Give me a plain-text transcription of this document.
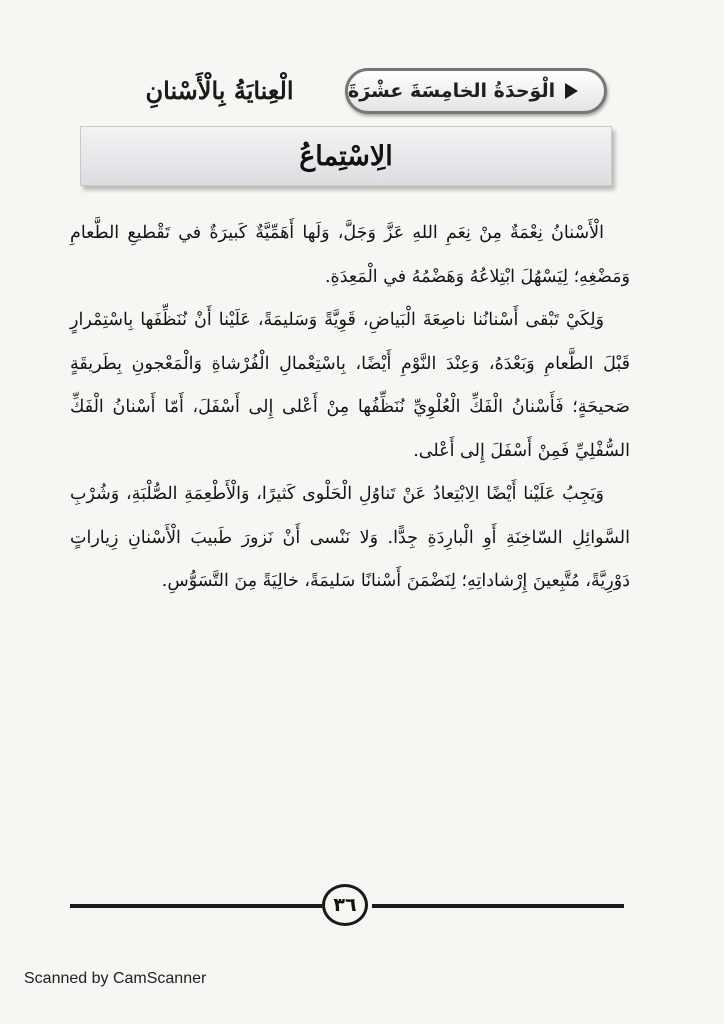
الْوَحدَةُ الخامِسَةَ عشْرَةَ
الْعِنايَةُ بِالْأَسْنانِ
الِاسْتِماعُ

الْأَسْنانُ نِعْمَةٌ مِنْ نِعَمِ اللهِ عَزَّ وَجَلَّ، وَلَها أَهَمِّيَّةٌ كَبيرَةٌ في تَقْطيعِ الطَّعامِ وَمَضْغِهِ؛ لِيَسْهُلَ ابْتِلاعُهُ وَهَضْمُهُ في الْمَعِدَةِ.

وَلِكَيْ تَبْقى أَسْنانُنا ناصِعَةَ الْبَياضِ، قَوِيَّةً وَسَليمَةً، عَلَيْنا أَنْ نُنَظِّفَها بِاسْتِمْرارٍ قَبْلَ الطَّعامِ وَبَعْدَهُ، وَعِنْدَ النَّوْمِ أَيْضًا، بِاسْتِعْمالِ الْفُرْشاةِ وَالْمَعْجونِ بِطَريقَةٍ صَحيحَةٍ؛ فَأَسْنانُ الْفَكِّ الْعُلْوِيِّ نُنَظِّفُها مِنْ أَعْلى إِلى أَسْفَلَ، أَمّا أَسْنانُ الْفَكِّ السُّفْلِيِّ فَمِنْ أَسْفَلَ إِلى أَعْلى.

وَيَجِبُ عَلَيْنا أَيْضًا الِابْتِعادُ عَنْ تَناوُلِ الْحَلْوى كَثيرًا، وَالْأَطْعِمَةِ الصُّلْبَةِ، وَشُرْبِ السَّوائِلِ السّاخِنَةِ أَوِ الْبارِدَةِ جِدًّا. وَلا نَنْسى أَنْ نَزورَ طَبيبَ الْأَسْنانِ زِياراتٍ دَوْرِيَّةً، مُتَّبِعينَ إِرْشاداتِهِ؛ لِنَضْمَنَ أَسْنانًا سَليمَةً، خالِيَةً مِنَ التَّسَوُّسِ.

٣٦
Scanned by CamScanner
